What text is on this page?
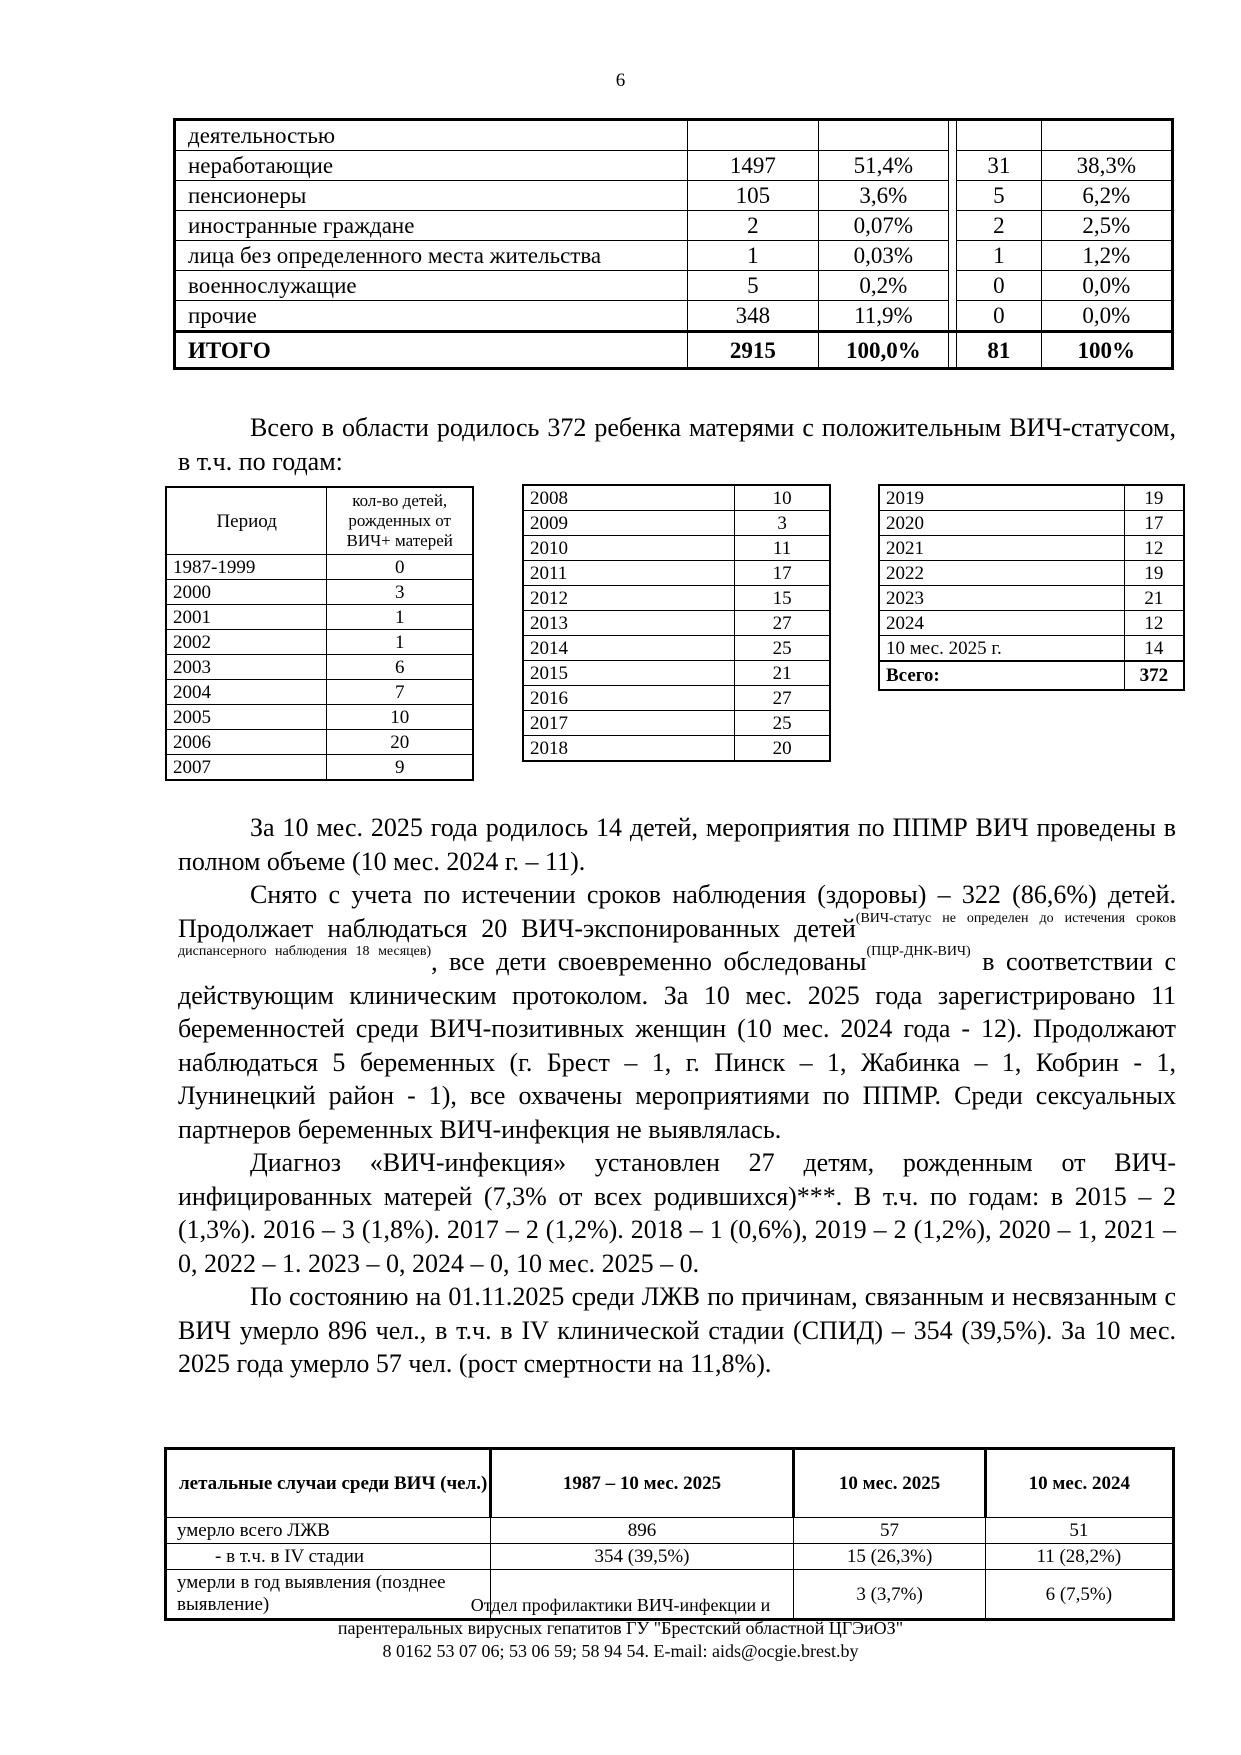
6
деятельностью					
неработающие	1497	51,4%		31	38,3%
пенсионеры	105	3,6%		5	6,2%
иностранные граждане	2	0,07%		2	2,5%
лица без определенного места жительства	1	0,03%		1	1,2%
военнослужащие	5	0,2%		0	0,0%
прочие	348	11,9%		0	0,0%
ИТОГО	2915	100,0%		81	100%
Всего в области родилось 372 ребенка матерями с положительным ВИЧ-статусом, в т.ч. по годам:
Период	кол-во детей, рожденных от ВИЧ+ матерей
1987-1999	0
2000	3
2001	1
2002	1
2003	6
2004	7
2005	10
2006	20
2007	9
2008	10
2009	3
2010	11
2011	17
2012	15
2013	27
2014	25
2015	21
2016	27
2017	25
2018	20
2019	19
2020	17
2021	12
2022	19
2023	21
2024	12
10 мес. 2025 г.	14
Всего:	372
За 10 мес. 2025 года родилось 14 детей, мероприятия по ППМР ВИЧ проведены в полном объеме (10 мес. 2024 г. – 11).
Снято с учета по истечении сроков наблюдения (здоровы) – 322 (86,6%) детей. Продолжает наблюдаться 20 ВИЧ-экспонированных детей$^{(ВИЧ-статус не определен до истечения сроков диспансерного наблюдения 18 месяцев)}$, все дети своевременно обследованы$^{(ПЦР-ДНК-ВИЧ)}$ в соответствии с действующим клиническим протоколом. За 10 мес. 2025 года зарегистрировано 11 беременностей среди ВИЧ-позитивных женщин (10 мес. 2024 года - 12). Продолжают наблюдаться 5 беременных (г. Брест – 1, г. Пинск – 1, Жабинка – 1, Кобрин - 1, Лунинецкий район - 1), все охвачены мероприятиями по ППМР. Среди сексуальных партнеров беременных ВИЧ-инфекция не выявлялась.
Диагноз «ВИЧ-инфекция» установлен 27 детям, рожденным от ВИЧ-инфицированных матерей (7,3% от всех родившихся)***. В т.ч. по годам: в 2015 – 2 (1,3%). 2016 – 3 (1,8%). 2017 – 2 (1,2%). 2018 – 1 (0,6%), 2019 – 2 (1,2%), 2020 – 1, 2021 – 0, 2022 – 1. 2023 – 0, 2024 – 0, 10 мес. 2025 – 0.
По состоянию на 01.11.2025 среди ЛЖВ по причинам, связанным и несвязанным с ВИЧ умерло 896 чел., в т.ч. в IV клинической стадии (СПИД) – 354 (39,5%). За 10 мес. 2025 года умерло 57 чел. (рост смертности на 11,8%).
летальные случаи среди ВИЧ (чел.)	1987 – 10 мес. 2025	10 мес. 2025	10 мес. 2024
умерло всего ЛЖВ	896	57	51
- в т.ч. в IV стадии	354 (39,5%)	15 (26,3%)	11 (28,2%)
умерли в год выявления (позднее выявление)		3 (3,7%)	6 (7,5%)
Отдел профилактики ВИЧ-инфекции и
парентеральных вирусных гепатитов ГУ "Брестский областной ЦГЭиОЗ"
8 0162 53 07 06; 53 06 59; 58 94 54. E-mail: aids@ocgie.brest.by
